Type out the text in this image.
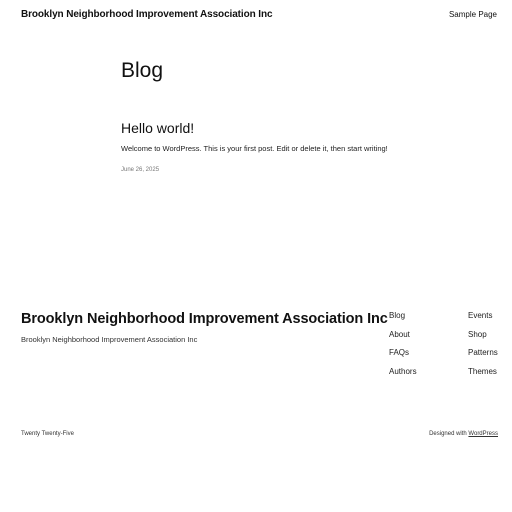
Brooklyn Neighborhood Improvement Association Inc	Sample Page
Blog
Hello world!

Welcome to WordPress. This is your first post. Edit or delete it, then start writing!

June 26, 2025
Brooklyn Neighborhood Improvement Association Inc

Brooklyn Neighborhood Improvement Association Inc

Blog
About
FAQs
Authors
Events
Shop
Patterns
Themes
Twenty Twenty-Five	Designed with WordPress
